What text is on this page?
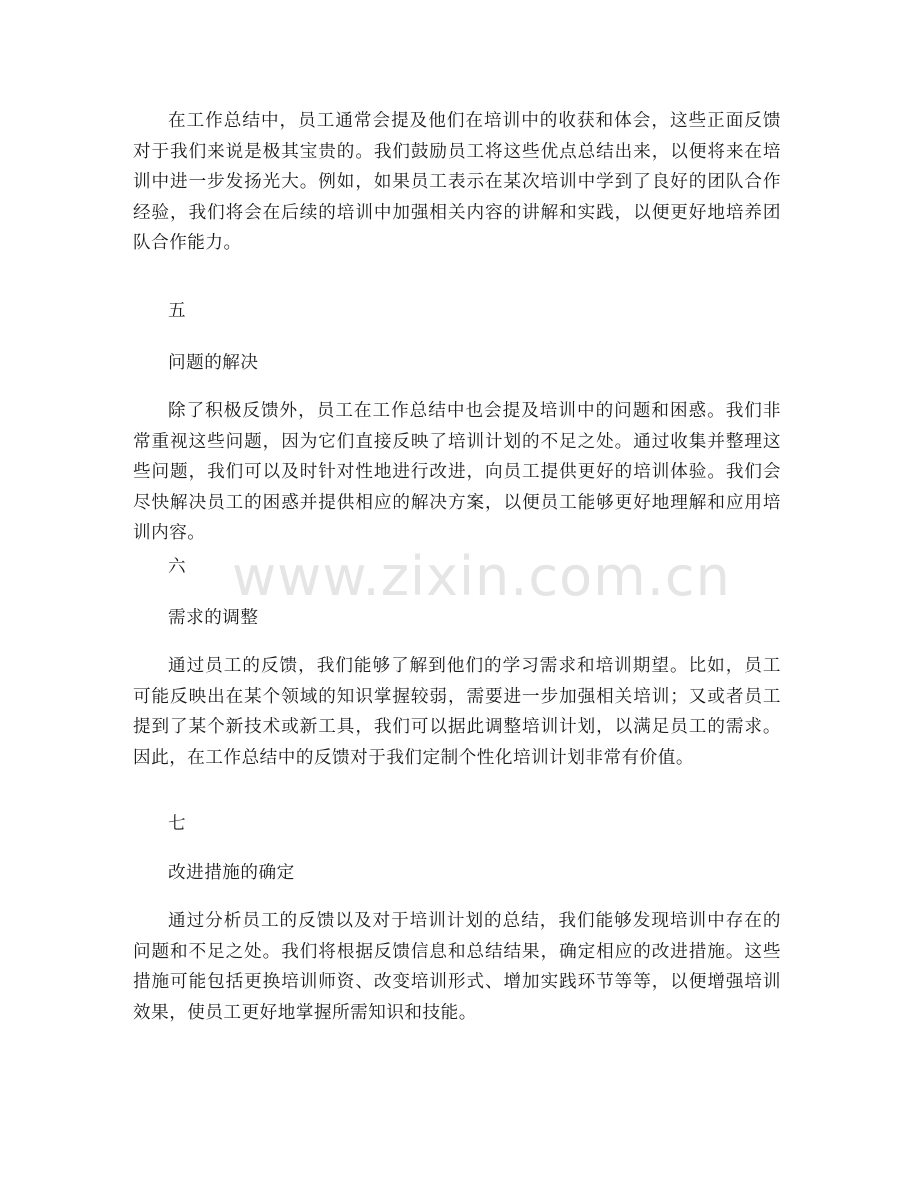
在工作总结中，员工通常会提及他们在培训中的收获和体会，这些正面反馈对于我们来说是极其宝贵的。我们鼓励员工将这些优点总结出来，以便将来在培训中进一步发扬光大。例如，如果员工表示在某次培训中学到了良好的团队合作经验，我们将会在后续的培训中加强相关内容的讲解和实践，以便更好地培养团队合作能力。

五

问题的解决

除了积极反馈外，员工在工作总结中也会提及培训中的问题和困惑。我们非常重视这些问题，因为它们直接反映了培训计划的不足之处。通过收集并整理这些问题，我们可以及时针对性地进行改进，向员工提供更好的培训体验。我们会尽快解决员工的困惑并提供相应的解决方案，以便员工能够更好地理解和应用培训内容。

六

需求的调整

通过员工的反馈，我们能够了解到他们的学习需求和培训期望。比如，员工可能反映出在某个领域的知识掌握较弱，需要进一步加强相关培训；又或者员工提到了某个新技术或新工具，我们可以据此调整培训计划，以满足员工的需求。因此，在工作总结中的反馈对于我们定制个性化培训计划非常有价值。

七

改进措施的确定

通过分析员工的反馈以及对于培训计划的总结，我们能够发现培训中存在的问题和不足之处。我们将根据反馈信息和总结结果，确定相应的改进措施。这些措施可能包括更换培训师资、改变培训形式、增加实践环节等等，以便增强培训效果，使员工更好地掌握所需知识和技能。

www.zixin.com.cn
